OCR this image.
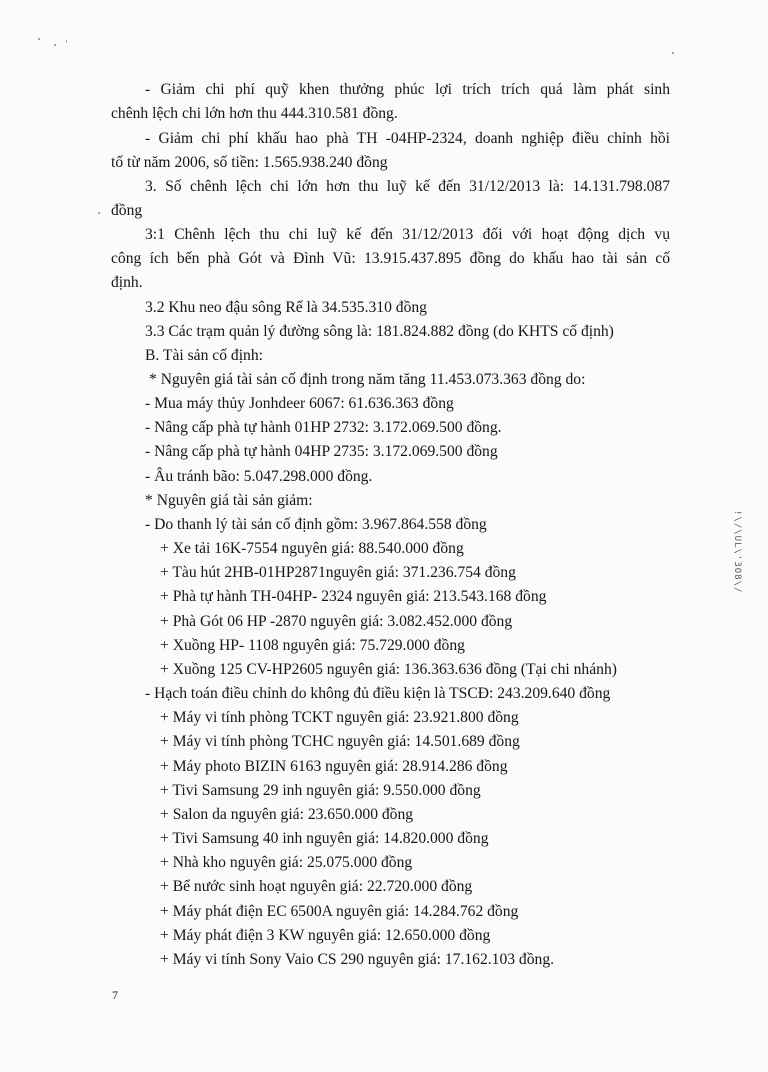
- Giảm chi phí quỹ khen thưởng phúc lợi trích trích quá làm phát sinh
chênh lệch chi lớn hơn thu 444.310.581 đồng.
- Giảm chi phí khấu hao phà TH -04HP-2324, doanh nghiệp điều chỉnh hồi
tố từ năm 2006, số tiền: 1.565.938.240 đồng
3. Số chênh lệch chi lớn hơn thu luỹ kế đến 31/12/2013 là: 14.131.798.087
đồng
3:1 Chênh lệch thu chi luỹ kế đến 31/12/2013 đối với hoạt động dịch vụ
công ích bến phà Gót và Đình Vũ: 13.915.437.895 đồng do khấu hao tài sản cố
định.
3.2 Khu neo đậu sông Rế là 34.535.310 đồng
3.3 Các trạm quản lý đường sông là: 181.824.882 đồng (do KHTS cố định)
B. Tài sản cố định:
* Nguyên giá tài sản cố định trong năm tăng 11.453.073.363 đồng do:
- Mua máy thủy Jonhdeer 6067: 61.636.363 đồng
- Nâng cấp phà tự hành 01HP 2732: 3.172.069.500 đồng.
- Nâng cấp phà tự hành 04HP 2735: 3.172.069.500 đồng
- Âu tránh bão: 5.047.298.000 đồng.
* Nguyên giá tài sản giảm:
- Do thanh lý tài sản cố định gồm: 3.967.864.558 đồng
+ Xe tải 16K-7554 nguyên giá: 88.540.000 đồng
+ Tàu hút 2HB-01HP2871nguyên giá: 371.236.754 đồng
+ Phà tự hành TH-04HP- 2324 nguyên giá: 213.543.168 đồng
+ Phà Gót 06 HP -2870 nguyên giá: 3.082.452.000 đồng
+ Xuồng HP- 1108 nguyên giá: 75.729.000 đồng
+ Xuồng 125 CV-HP2605 nguyên giá: 136.363.636 đồng (Tại chi nhánh)
- Hạch toán điều chỉnh do không đủ điều kiện là TSCĐ: 243.209.640 đồng
+ Máy vi tính phòng TCKT nguyên giá: 23.921.800 đồng
+ Máy vi tính phòng TCHC nguyên giá: 14.501.689 đồng
+ Máy photo BIZIN 6163 nguyên giá: 28.914.286 đồng
+ Tivi Samsung 29 inh nguyên giá: 9.550.000 đồng
+ Salon da nguyên giá: 23.650.000 đồng
+ Tivi Samsung 40 inh nguyên giá: 14.820.000 đồng
+ Nhà kho nguyên giá: 25.075.000 đồng
+ Bể nước sinh hoạt nguyên giá: 22.720.000 đồng
+ Máy phát điện EC 6500A nguyên giá: 14.284.762 đồng
+ Máy phát điện 3 KW nguyên giá: 12.650.000 đồng
+ Máy vi tính Sony Vaio CS 290 nguyên giá: 17.162.103 đồng.
7
!\/\UL\'3O8\/
